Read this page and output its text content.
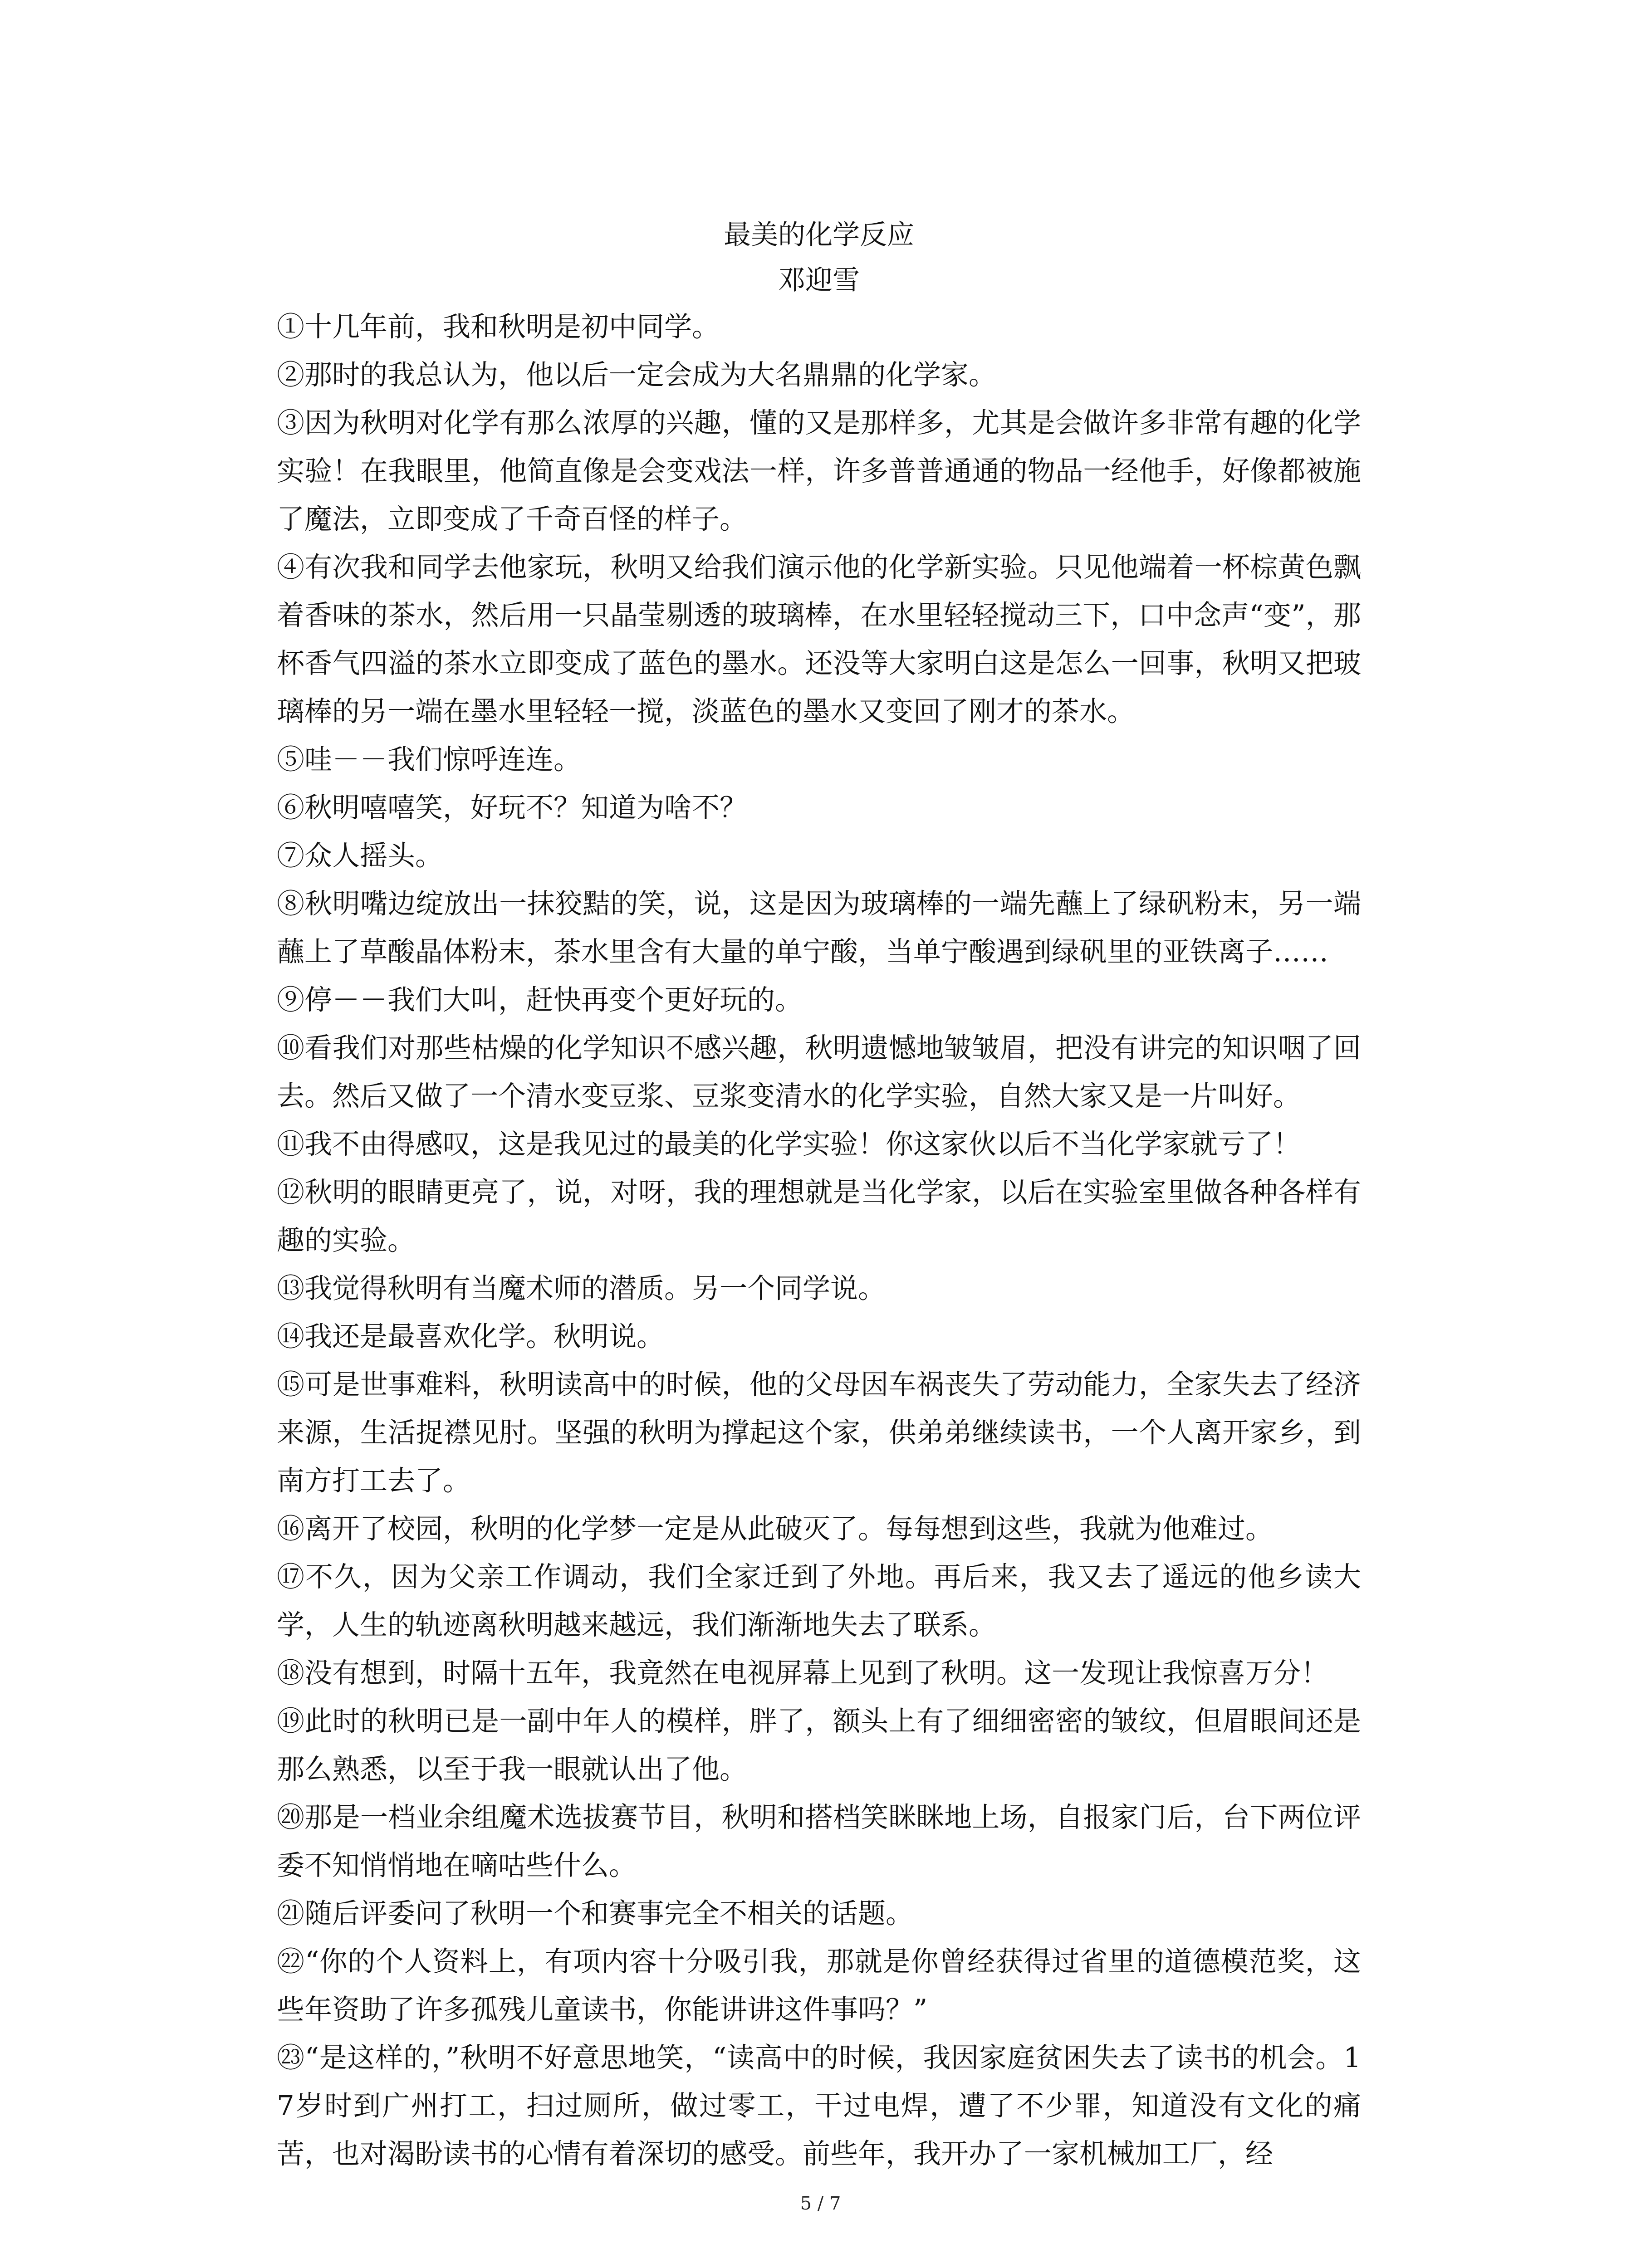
最美的化学反应
邓迎雪

①十几年前，我和秋明是初中同学。

②那时的我总认为，他以后一定会成为大名鼎鼎的化学家。

③因为秋明对化学有那么浓厚的兴趣，懂的又是那样多，尤其是会做许多非常有趣的化学实验！在我眼里，他简直像是会变戏法一样，许多普普通通的物品一经他手，好像都被施了魔法，立即变成了千奇百怪的样子。

④有次我和同学去他家玩，秋明又给我们演示他的化学新实验。只见他端着一杯棕黄色飘着香味的茶水，然后用一只晶莹剔透的玻璃棒，在水里轻轻搅动三下，口中念声“变”，那杯香气四溢的茶水立即变成了蓝色的墨水。还没等大家明白这是怎么一回事，秋明又把玻璃棒的另一端在墨水里轻轻一搅，淡蓝色的墨水又变回了刚才的茶水。

⑤哇－－我们惊呼连连。

⑥秋明嘻嘻笑，好玩不？知道为啥不？

⑦众人摇头。

⑧秋明嘴边绽放出一抹狡黠的笑，说，这是因为玻璃棒的一端先蘸上了绿矾粉末，另一端蘸上了草酸晶体粉末，茶水里含有大量的单宁酸，当单宁酸遇到绿矾里的亚铁离子……

⑨停－－我们大叫，赶快再变个更好玩的。

⑩看我们对那些枯燥的化学知识不感兴趣，秋明遗憾地皱皱眉，把没有讲完的知识咽了回去。然后又做了一个清水变豆浆、豆浆变清水的化学实验，自然大家又是一片叫好。

⑪我不由得感叹，这是我见过的最美的化学实验！你这家伙以后不当化学家就亏了！

⑫秋明的眼睛更亮了，说，对呀，我的理想就是当化学家，以后在实验室里做各种各样有趣的实验。

⑬我觉得秋明有当魔术师的潜质。另一个同学说。

⑭我还是最喜欢化学。秋明说。

⑮可是世事难料，秋明读高中的时候，他的父母因车祸丧失了劳动能力，全家失去了经济来源，生活捉襟见肘。坚强的秋明为撑起这个家，供弟弟继续读书，一个人离开家乡，到南方打工去了。

⑯离开了校园，秋明的化学梦一定是从此破灭了。每每想到这些，我就为他难过。

⑰不久，因为父亲工作调动，我们全家迁到了外地。再后来，我又去了遥远的他乡读大学，人生的轨迹离秋明越来越远，我们渐渐地失去了联系。

⑱没有想到，时隔十五年，我竟然在电视屏幕上见到了秋明。这一发现让我惊喜万分！

⑲此时的秋明已是一副中年人的模样，胖了，额头上有了细细密密的皱纹，但眉眼间还是那么熟悉，以至于我一眼就认出了他。

⑳那是一档业余组魔术选拔赛节目，秋明和搭档笑眯眯地上场，自报家门后，台下两位评委不知悄悄地在嘀咕些什么。

㉑随后评委问了秋明一个和赛事完全不相关的话题。

㉒“你的个人资料上，有项内容十分吸引我，那就是你曾经获得过省里的道德模范奖，这些年资助了许多孤残儿童读书，你能讲讲这件事吗？”

㉓“是这样的，”秋明不好意思地笑，“读高中的时候，我因家庭贫困失去了读书的机会。17岁时到广州打工，扫过厕所，做过零工，干过电焊，遭了不少罪，知道没有文化的痛苦，也对渴盼读书的心情有着深切的感受。前些年，我开办了一家机械加工厂，经

5 / 7
